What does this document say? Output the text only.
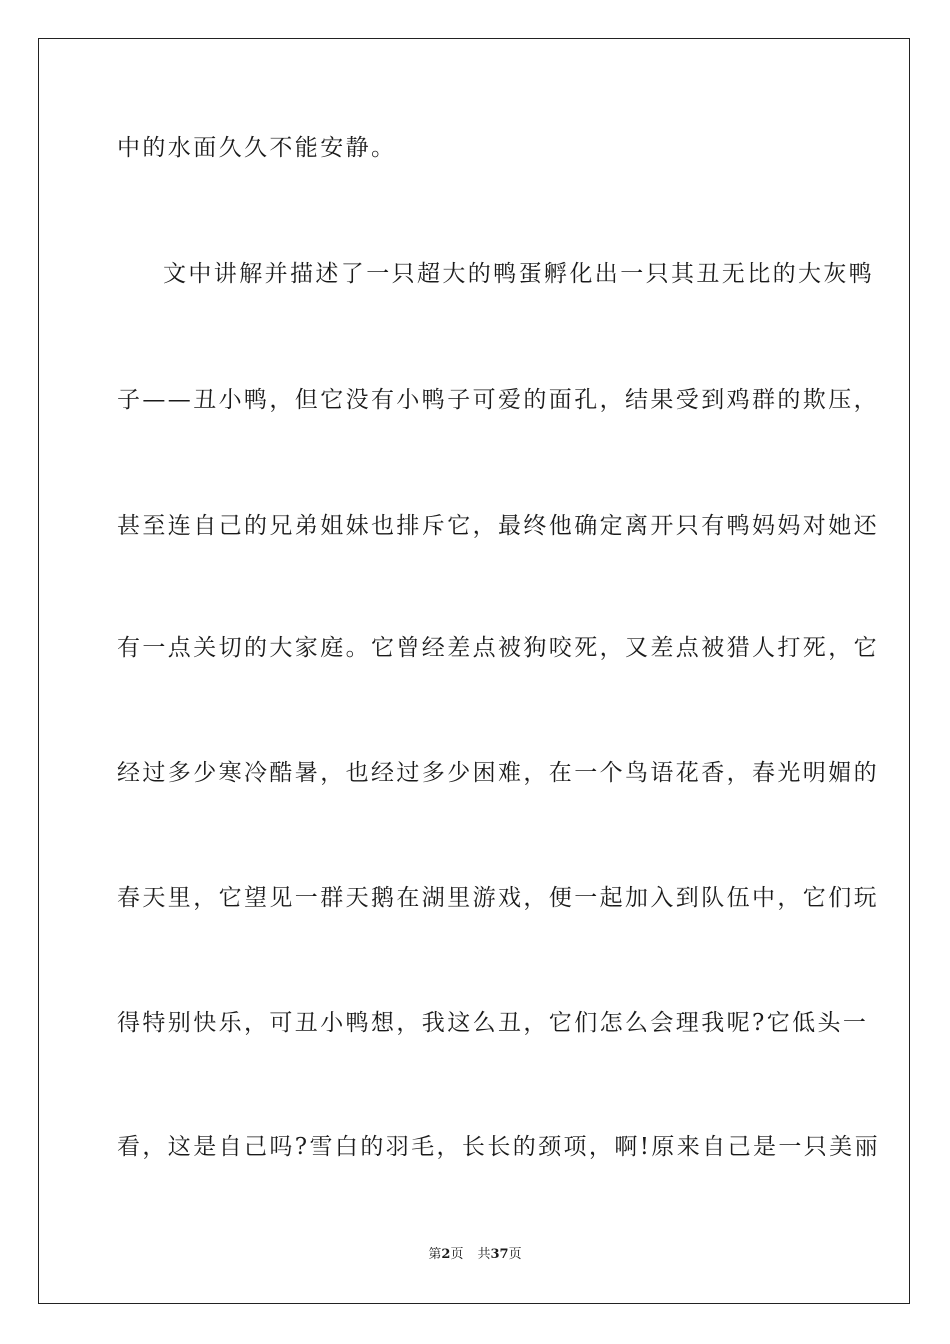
中的水面久久不能安静。
文中讲解并描述了一只超大的鸭蛋孵化出一只其丑无比的大灰鸭
子——丑小鸭，但它没有小鸭子可爱的面孔，结果受到鸡群的欺压，
甚至连自己的兄弟姐妹也排斥它，最终他确定离开只有鸭妈妈对她还
有一点关切的大家庭。它曾经差点被狗咬死，又差点被猎人打死，它
经过多少寒冷酷暑，也经过多少困难，在一个鸟语花香，春光明媚的
春天里，它望见一群天鹅在湖里游戏，便一起加入到队伍中，它们玩
得特别快乐，可丑小鸭想，我这么丑，它们怎么会理我呢?它低头一
看，这是自己吗?雪白的羽毛，长长的颈项，啊!原来自己是一只美丽
第2页 共37页
